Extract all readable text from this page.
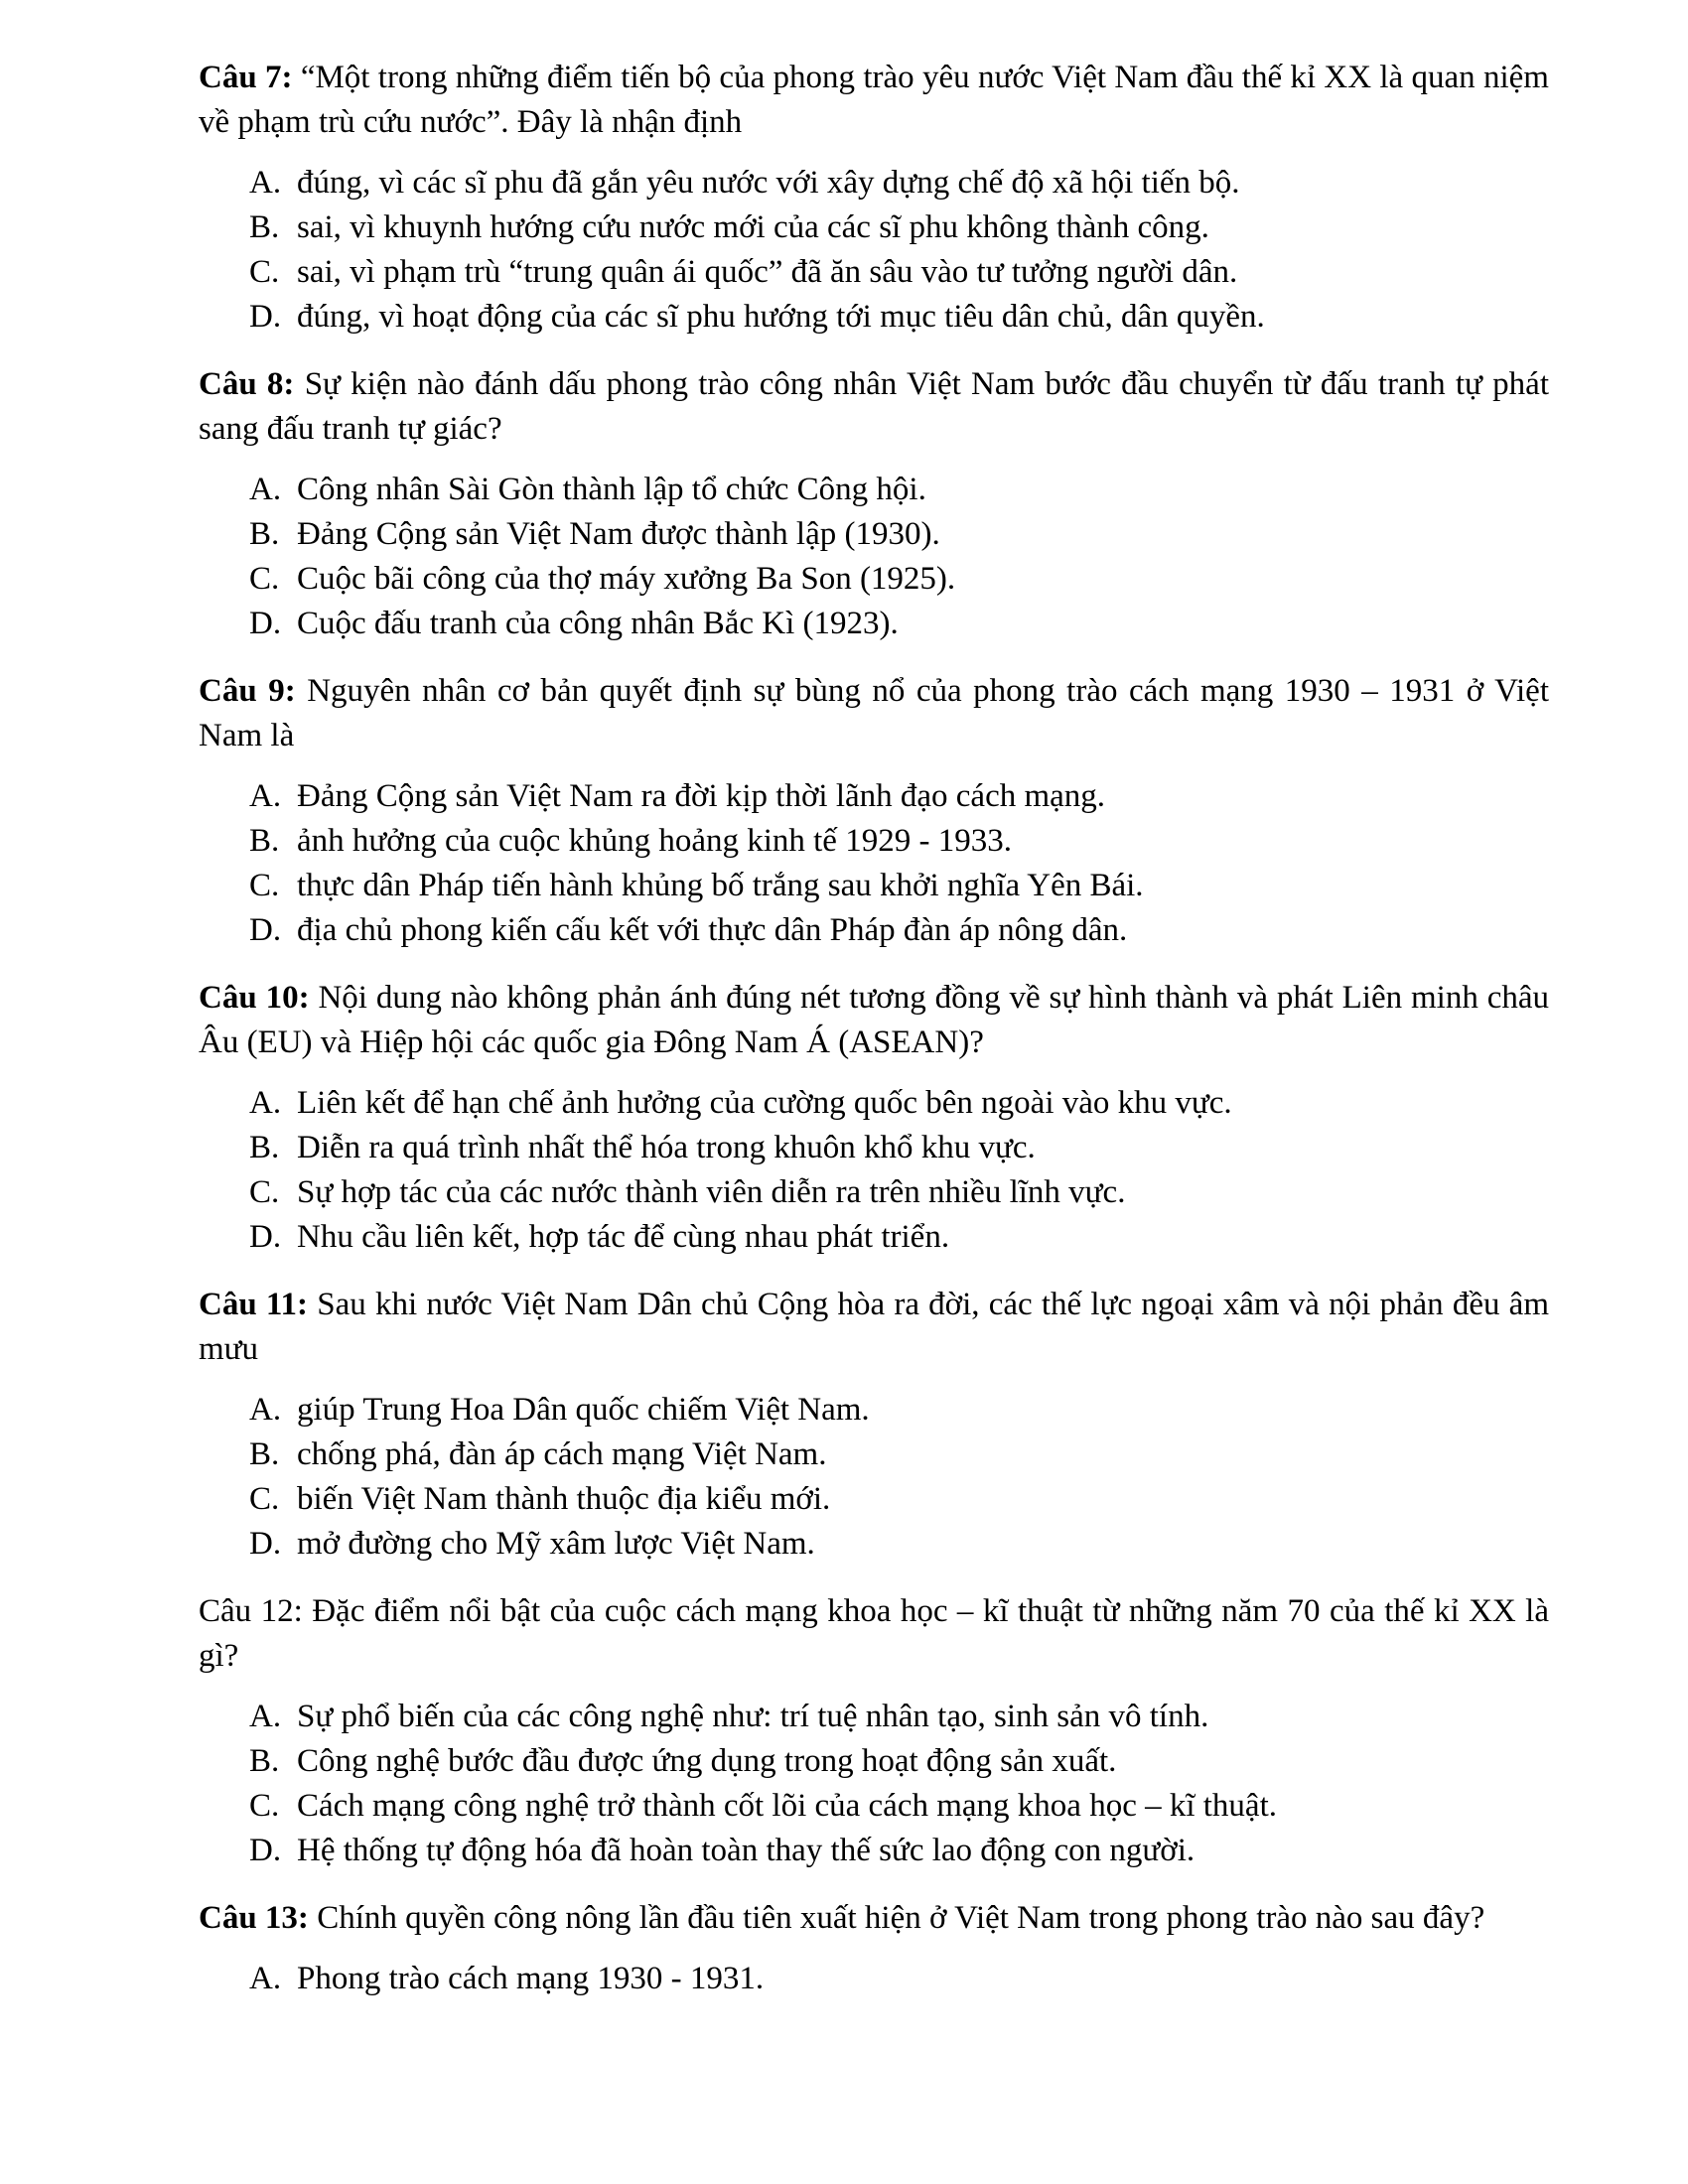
Câu 7: “Một trong những điểm tiến bộ của phong trào yêu nước Việt Nam đầu thế kỉ XX là quan niệm về phạm trù cứu nước”. Đây là nhận định

A. đúng, vì các sĩ phu đã gắn yêu nước với xây dựng chế độ xã hội tiến bộ.
B. sai, vì khuynh hướng cứu nước mới của các sĩ phu không thành công.
C. sai, vì phạm trù “trung quân ái quốc” đã ăn sâu vào tư tưởng người dân.
D. đúng, vì hoạt động của các sĩ phu hướng tới mục tiêu dân chủ, dân quyền.

Câu 8: Sự kiện nào đánh dấu phong trào công nhân Việt Nam bước đầu chuyển từ đấu tranh tự phát sang đấu tranh tự giác?

A. Công nhân Sài Gòn thành lập tổ chức Công hội.
B. Đảng Cộng sản Việt Nam được thành lập (1930).
C. Cuộc bãi công của thợ máy xưởng Ba Son (1925).
D. Cuộc đấu tranh của công nhân Bắc Kì (1923).

Câu 9: Nguyên nhân cơ bản quyết định sự bùng nổ của phong trào cách mạng 1930 – 1931 ở Việt Nam là

A. Đảng Cộng sản Việt Nam ra đời kịp thời lãnh đạo cách mạng.
B. ảnh hưởng của cuộc khủng hoảng kinh tế 1929 - 1933.
C. thực dân Pháp tiến hành khủng bố trắng sau khởi nghĩa Yên Bái.
D. địa chủ phong kiến cấu kết với thực dân Pháp đàn áp nông dân.

Câu 10: Nội dung nào không phản ánh đúng nét tương đồng về sự hình thành và phát Liên minh châu Âu (EU) và Hiệp hội các quốc gia Đông Nam Á (ASEAN)?

A. Liên kết để hạn chế ảnh hưởng của cường quốc bên ngoài vào khu vực.
B. Diễn ra quá trình nhất thể hóa trong khuôn khổ khu vực.
C. Sự hợp tác của các nước thành viên diễn ra trên nhiều lĩnh vực.
D. Nhu cầu liên kết, hợp tác để cùng nhau phát triển.

Câu 11: Sau khi nước Việt Nam Dân chủ Cộng hòa ra đời, các thế lực ngoại xâm và nội phản đều âm mưu

A. giúp Trung Hoa Dân quốc chiếm Việt Nam.
B. chống phá, đàn áp cách mạng Việt Nam.
C. biến Việt Nam thành thuộc địa kiểu mới.
D. mở đường cho Mỹ xâm lược Việt Nam.

Câu 12: Đặc điểm nổi bật của cuộc cách mạng khoa học – kĩ thuật từ những năm 70 của thế kỉ XX là gì?

A. Sự phổ biến của các công nghệ như: trí tuệ nhân tạo, sinh sản vô tính.
B. Công nghệ bước đầu được ứng dụng trong hoạt động sản xuất.
C. Cách mạng công nghệ trở thành cốt lõi của cách mạng khoa học – kĩ thuật.
D. Hệ thống tự động hóa đã hoàn toàn thay thế sức lao động con người.

Câu 13: Chính quyền công nông lần đầu tiên xuất hiện ở Việt Nam trong phong trào nào sau đây?

A. Phong trào cách mạng 1930 - 1931.
